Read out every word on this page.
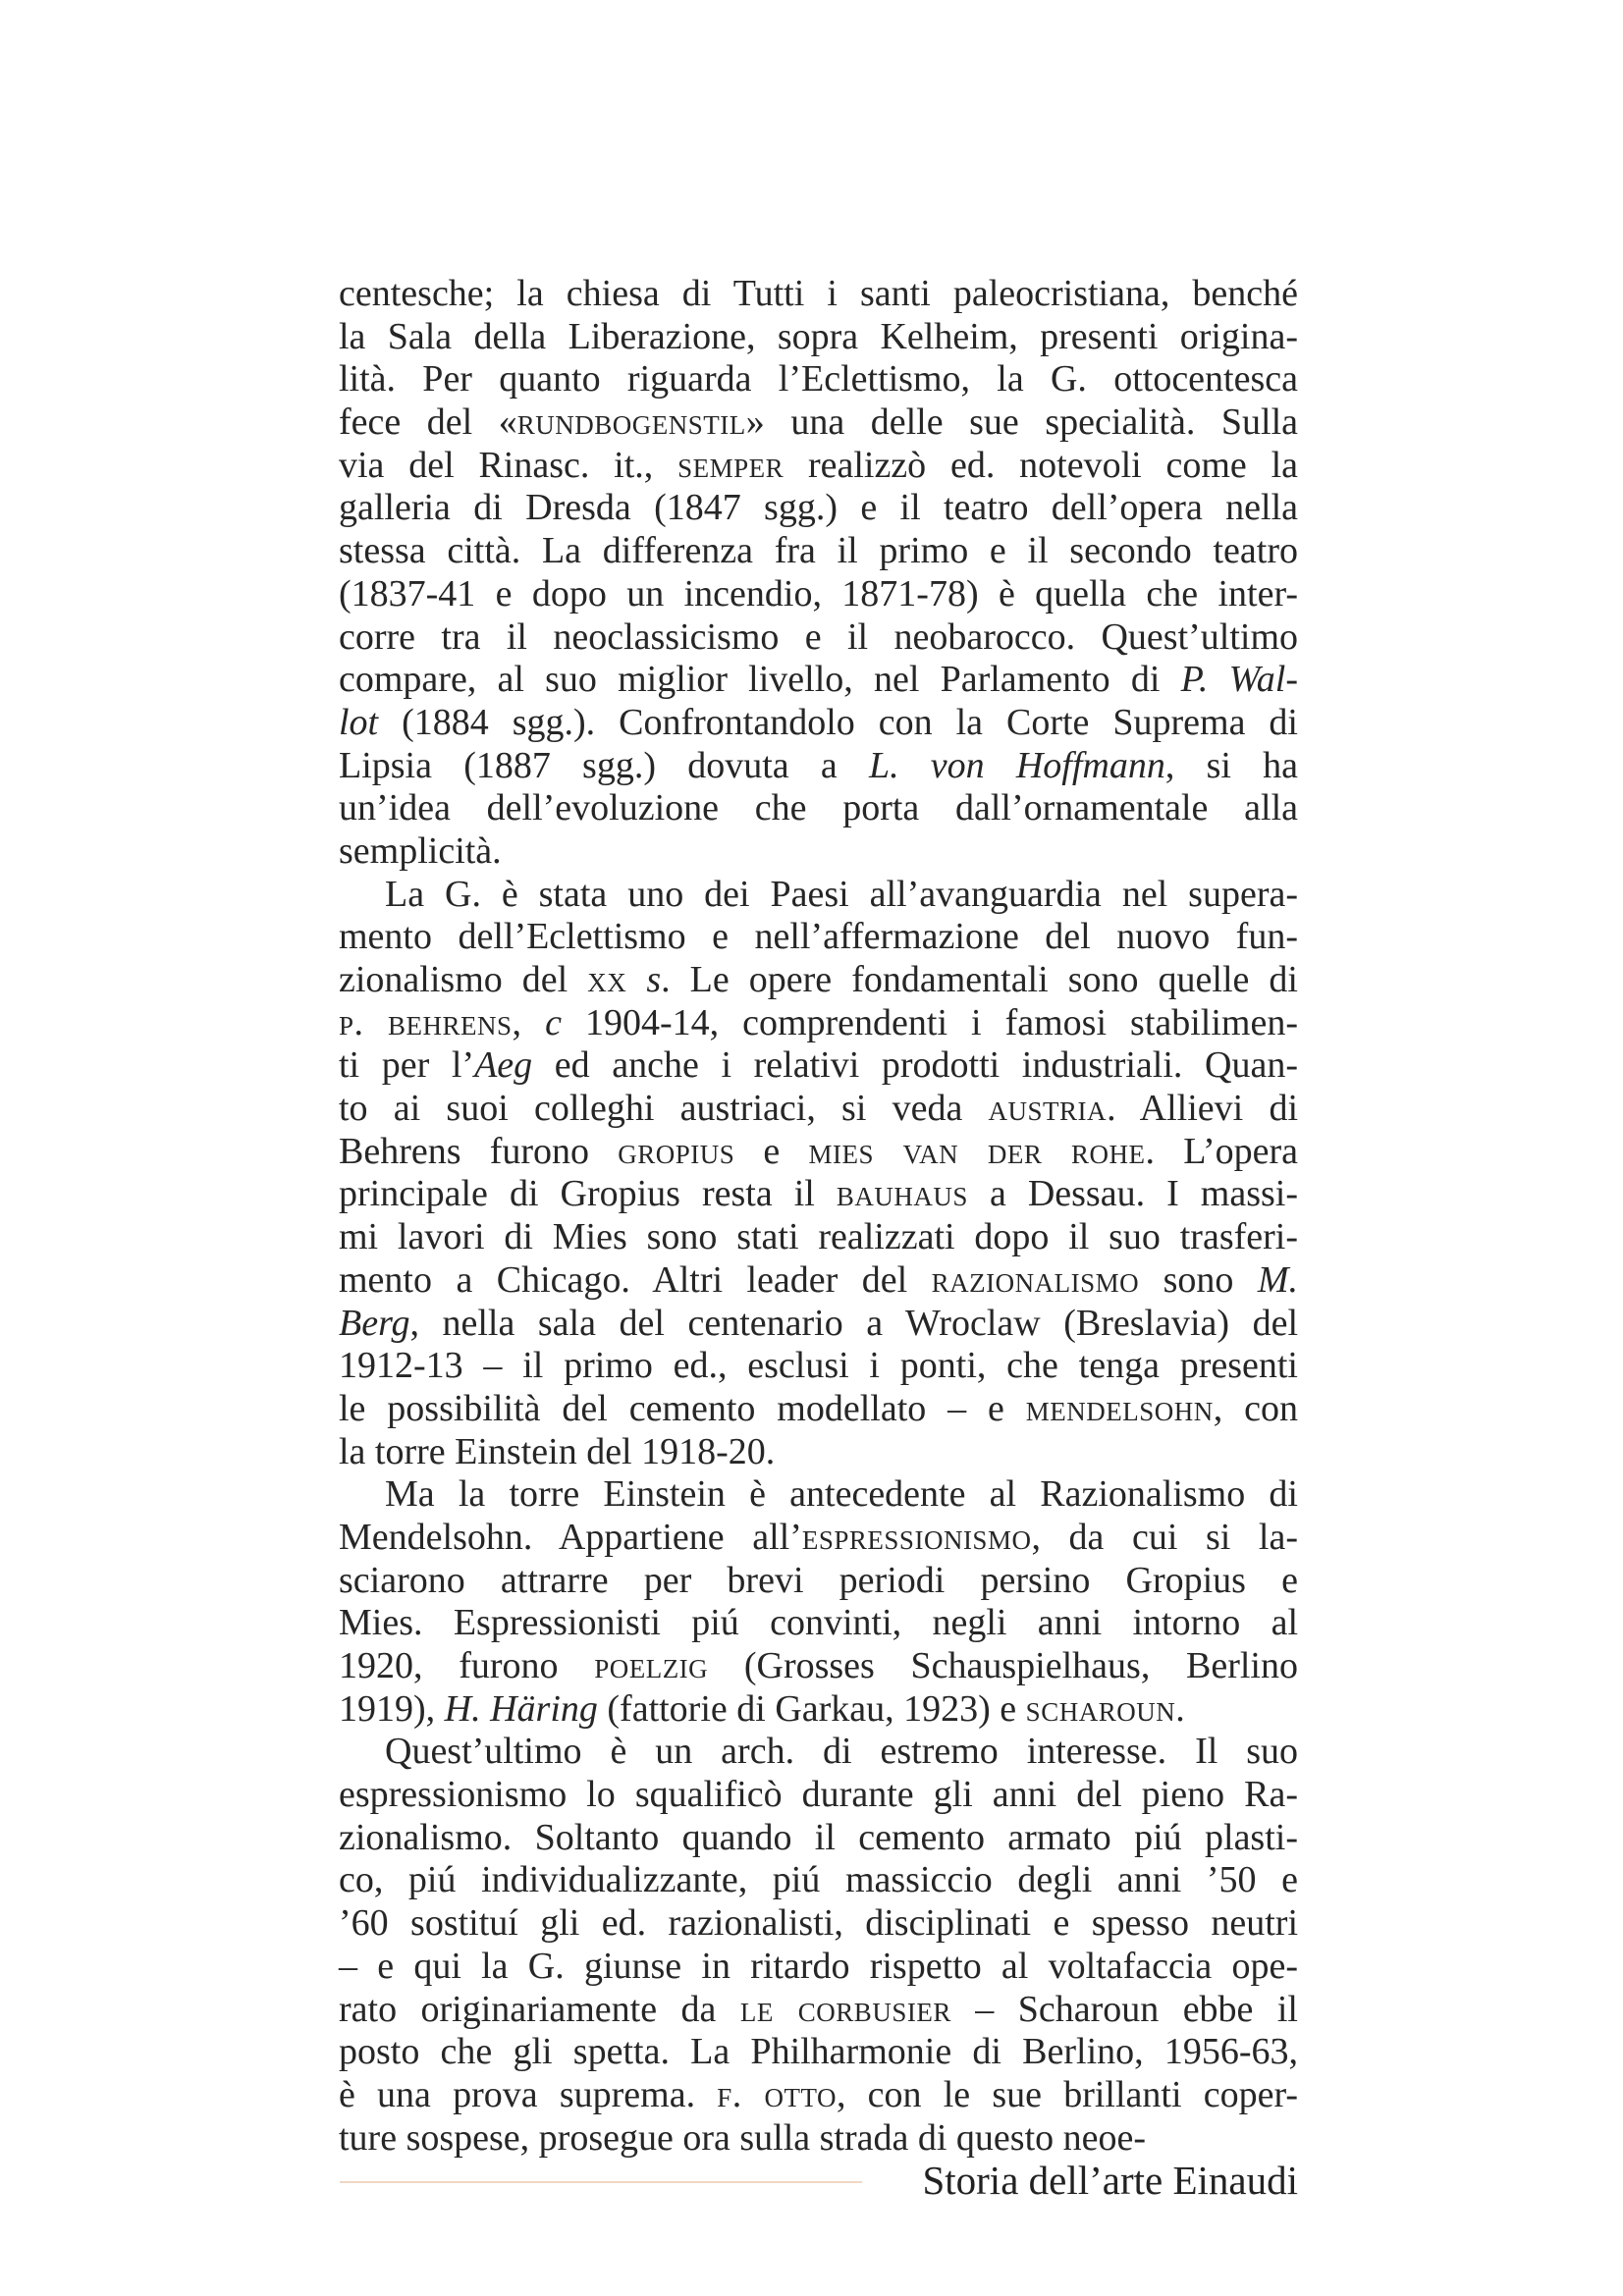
centesche; la chiesa di Tutti i santi paleocristiana, benché
la Sala della Liberazione, sopra Kelheim, presenti origina-
lità. Per quanto riguarda l’Eclettismo, la G. ottocentesca
fece del «rundbogenstil» una delle sue specialità. Sulla
via del Rinasc. it., semper realizzò ed. notevoli come la
galleria di Dresda (1847 sgg.) e il teatro dell’opera nella
stessa città. La differenza fra il primo e il secondo teatro
(1837-41 e dopo un incendio, 1871-78) è quella che inter-
corre tra il neoclassicismo e il neobarocco. Quest’ultimo
compare, al suo miglior livello, nel Parlamento di P. Wal-
lot (1884 sgg.). Confrontandolo con la Corte Suprema di
Lipsia (1887 sgg.) dovuta a L. von Hoffmann, si ha
un’idea dell’evoluzione che porta dall’ornamentale alla
semplicità.
La G. è stata uno dei Paesi all’avanguardia nel supera-
mento dell’Eclettismo e nell’affermazione del nuovo fun-
zionalismo del xx s. Le opere fondamentali sono quelle di
p. behrens, c 1904-14, comprendenti i famosi stabilimen-
ti per l’Aeg ed anche i relativi prodotti industriali. Quan-
to ai suoi colleghi austriaci, si veda austria. Allievi di
Behrens furono gropius e mies van der rohe. L’opera
principale di Gropius resta il bauhaus a Dessau. I massi-
mi lavori di Mies sono stati realizzati dopo il suo trasferi-
mento a Chicago. Altri leader del razionalismo sono M.
Berg, nella sala del centenario a Wroclaw (Breslavia) del
1912-13 – il primo ed., esclusi i ponti, che tenga presenti
le possibilità del cemento modellato – e mendelsohn, con
la torre Einstein del 1918-20.
Ma la torre Einstein è antecedente al Razionalismo di
Mendelsohn. Appartiene all’espressionismo, da cui si la-
sciarono attrarre per brevi periodi persino Gropius e
Mies. Espressionisti piú convinti, negli anni intorno al
1920, furono poelzig (Grosses Schauspielhaus, Berlino
1919), H. Häring (fattorie di Garkau, 1923) e scharoun.
Quest’ultimo è un arch. di estremo interesse. Il suo
espressionismo lo squalificò durante gli anni del pieno Ra-
zionalismo. Soltanto quando il cemento armato piú plasti-
co, piú individualizzante, piú massiccio degli anni ’50 e
’60 sostituí gli ed. razionalisti, disciplinati e spesso neutri
– e qui la G. giunse in ritardo rispetto al voltafaccia ope-
rato originariamente da le corbusier – Scharoun ebbe il
posto che gli spetta. La Philharmonie di Berlino, 1956-63,
è una prova suprema. f. otto, con le sue brillanti coper-
ture sospese, prosegue ora sulla strada di questo neoe-
Storia dell’arte Einaudi
